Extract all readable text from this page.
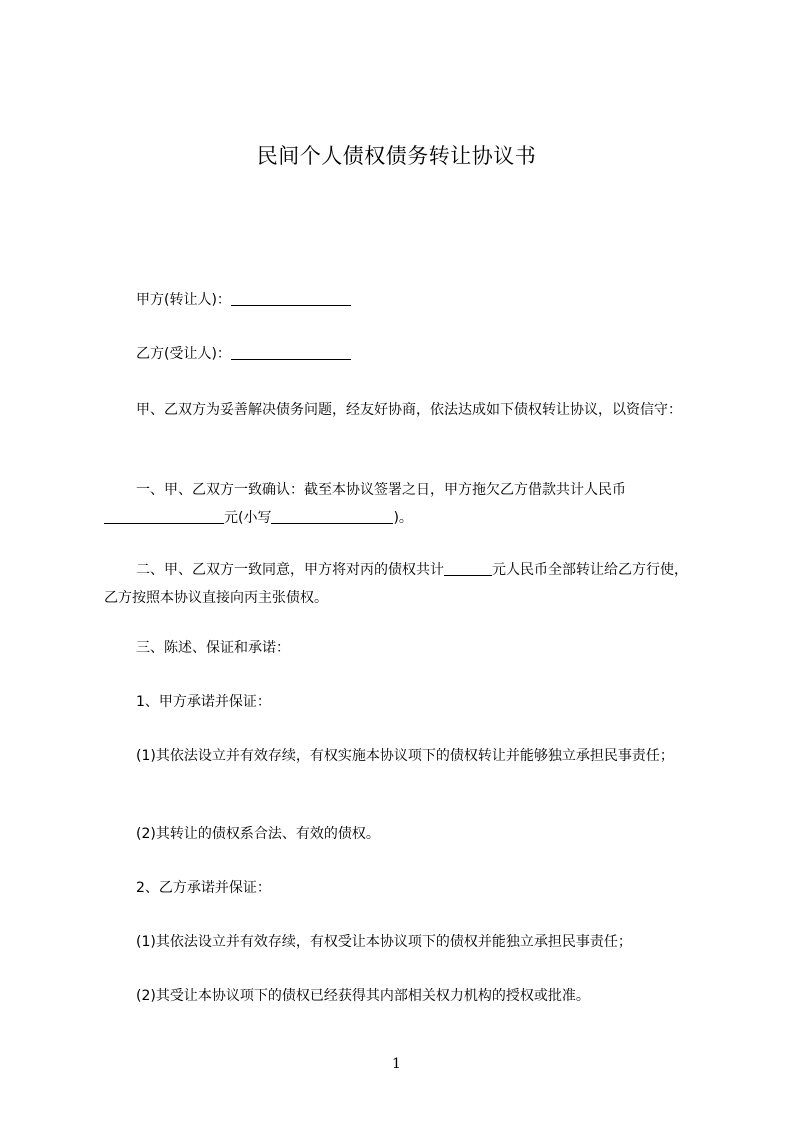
民间个人债权债务转让协议书
甲方(转让人)：
乙方(受让人)：
甲、乙双方为妥善解决债务问题，经友好协商，依法达成如下债权转让协议，以资信守：
一、甲、乙双方一致确认：截至本协议签署之日，甲方拖欠乙方借款共计人民币元(小写	)。
二、甲、乙双方一致同意，甲方将对丙的债权共计	元人民币全部转让给乙方行使，乙方按照本协议直接向丙主张债权。
三、陈述、保证和承诺：
1、甲方承诺并保证：
(1)其依法设立并有效存续，有权实施本协议项下的债权转让并能够独立承担民事责任；
(2)其转让的债权系合法、有效的债权。
2、乙方承诺并保证：
(1)其依法设立并有效存续，有权受让本协议项下的债权并能独立承担民事责任；
(2)其受让本协议项下的债权已经获得其内部相关权力机构的授权或批准。
1
